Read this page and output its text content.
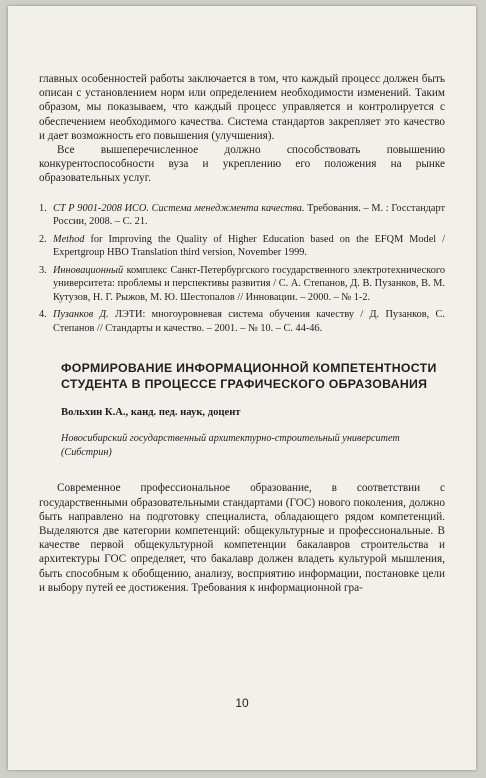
главных особенностей работы заключается в том, что каждый процесс должен быть описан с установлением норм или определением необходимости изменений. Таким образом, мы показываем, что каждый процесс управляется и контролируется с обеспечением необходимого качества. Система стандартов закрепляет это качество и дает возможность его повышения (улучшения).

Все вышеперечисленное должно способствовать повышению конкурентоспособности вуза и укреплению его положения на рынке образовательных услуг.

1. СТ Р 9001-2008 ИСО. Система менеджмента качества. Требования. – М. : Госстандарт России, 2008. – С. 21.
2. Method for Improving the Quality of Higher Education based on the EFQM Model / Expertgroup HBO Translation third version, November 1999.
3. Инновационный комплекс Санкт-Петербургского государственного электротехнического университета: проблемы и перспективы развития / С. А. Степанов, Д. В. Пузанков, В. М. Кутузов, Н. Г. Рыжов, М. Ю. Шестопалов // Инновации. – 2000. – № 1-2.
4. Пузанков Д. ЛЭТИ: многоуровневая система обучения качеству / Д. Пузанков, С. Степанов // Стандарты и качество. – 2001. – № 10. – С. 44-46.
ФОРМИРОВАНИЕ ИНФОРМАЦИОННОЙ КОМПЕТЕНТНОСТИ СТУДЕНТА В ПРОЦЕССЕ ГРАФИЧЕСКОГО ОБРАЗОВАНИЯ
Вольхин К.А., канд. пед. наук, доцент
Новосибирский государственный архитектурно-строительный университет (Сибстрин)

Современное профессиональное образование, в соответствии с государственными образовательными стандартами (ГОС) нового поколения, должно быть направлено на подготовку специалиста, обладающего рядом компетенций. Выделяются две категории компетенций: общекультурные и профессиональные. В качестве первой общекультурной компетенции бакалавров строительства и архитектуры ГОС определяет, что бакалавр должен владеть культурой мышления, быть способным к обобщению, анализу, восприятию информации, постановке цели и выбору путей ее достижения. Требования к информационной гра-

10
